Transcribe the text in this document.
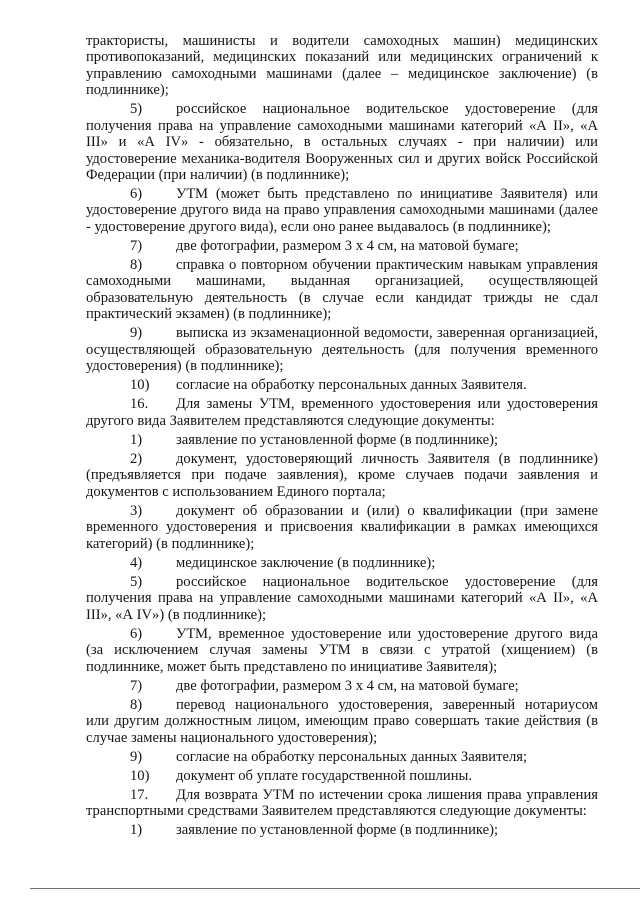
трактористы, машинисты и водители самоходных машин) медицинских противопоказаний, медицинских показаний или медицинских ограничений к управлению самоходными машинами (далее – медицинское заключение) (в подлиннике);

5) российское национальное водительское удостоверение (для получения права на управление самоходными машинами категорий «А II», «А III» и «А IV» - обязательно, в остальных случаях - при наличии) или удостоверение механика-водителя Вооруженных сил и других войск Российской Федерации (при наличии) (в подлиннике);

6) УТМ (может быть представлено по инициативе Заявителя) или удостоверение другого вида на право управления самоходными машинами (далее - удостоверение другого вида), если оно ранее выдавалось (в подлиннике);

7) две фотографии, размером 3 х 4 см, на матовой бумаге;

8) справка о повторном обучении практическим навыкам управления самоходными машинами, выданная организацией, осуществляющей образовательную деятельность (в случае если кандидат трижды не сдал практический экзамен) (в подлиннике);

9) выписка из экзаменационной ведомости, заверенная организацией, осуществляющей образовательную деятельность (для получения временного удостоверения) (в подлиннике);

10) согласие на обработку персональных данных Заявителя.

16. Для замены УТМ, временного удостоверения или удостоверения другого вида Заявителем представляются следующие документы:

1) заявление по установленной форме (в подлиннике);

2) документ, удостоверяющий личность Заявителя (в подлиннике) (предъявляется при подаче заявления), кроме случаев подачи заявления и документов с использованием Единого портала;

3) документ об образовании и (или) о квалификации (при замене временного удостоверения и присвоения квалификации в рамках имеющихся категорий) (в подлиннике);

4) медицинское заключение (в подлиннике);

5) российское национальное водительское удостоверение (для получения права на управление самоходными машинами категорий «А II», «А III», «А IV») (в подлиннике);

6) УТМ, временное удостоверение или удостоверение другого вида (за исключением случая замены УТМ в связи с утратой (хищением) (в подлиннике, может быть представлено по инициативе Заявителя);

7) две фотографии, размером 3 х 4 см, на матовой бумаге;

8) перевод национального удостоверения, заверенный нотариусом или другим должностным лицом, имеющим право совершать такие действия (в случае замены национального удостоверения);

9) согласие на обработку персональных данных Заявителя;

10) документ об уплате государственной пошлины.

17. Для возврата УТМ по истечении срока лишения права управления транспортными средствами Заявителем представляются следующие документы:

1) заявление по установленной форме (в подлиннике);
